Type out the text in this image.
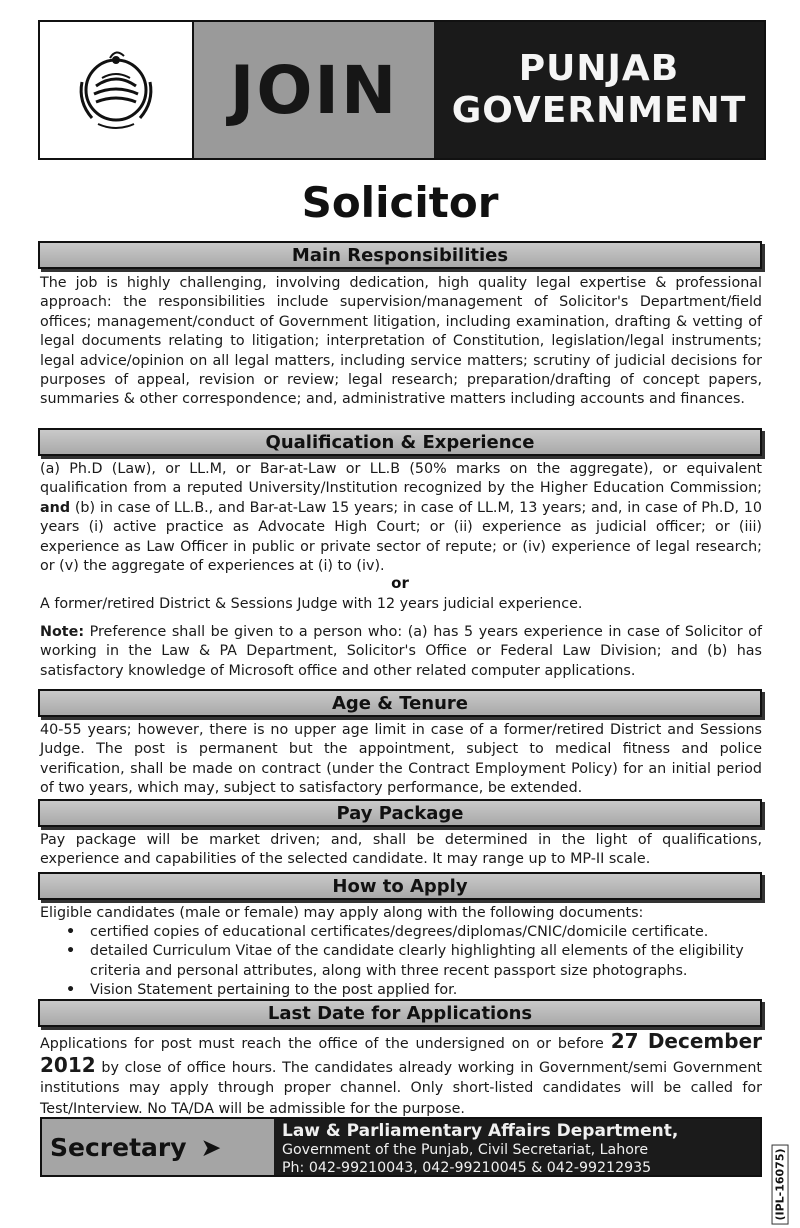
JOIN	PUNJAB
GOVERNMENT
Solicitor
Main Responsibilities
The job is highly challenging, involving dedication, high quality legal expertise & professional approach: the responsibilities include supervision/management of Solicitor's Department/field offices; management/conduct of Government litigation, including examination, drafting & vetting of legal documents relating to litigation; interpretation of Constitution, legislation/legal instruments; legal advice/opinion on all legal matters, including service matters; scrutiny of judicial decisions for purposes of appeal, revision or review; legal research; preparation/drafting of concept papers, summaries & other correspondence; and, administrative matters including accounts and finances.
Qualification & Experience
(a) Ph.D (Law), or LL.M, or Bar-at-Law or LL.B (50% marks on the aggregate), or equivalent qualification from a reputed University/Institution recognized by the Higher Education Commission; and (b) in case of LL.B., and Bar-at-Law 15 years; in case of LL.M, 13 years; and, in case of Ph.D, 10 years (i) active practice as Advocate High Court; or (ii) experience as judicial officer; or (iii) experience as Law Officer in public or private sector of repute; or (iv) experience of legal research; or (v) the aggregate of experiences at (i) to (iv).
or
A former/retired District & Sessions Judge with 12 years judicial experience.
Note: Preference shall be given to a person who: (a) has 5 years experience in case of Solicitor of working in the Law & PA Department, Solicitor's Office or Federal Law Division; and (b) has satisfactory knowledge of Microsoft office and other related computer applications.
Age & Tenure
40-55 years; however, there is no upper age limit in case of a former/retired District and Sessions Judge. The post is permanent but the appointment, subject to medical fitness and police verification, shall be made on contract (under the Contract Employment Policy) for an initial period of two years, which may, subject to satisfactory performance, be extended.
Pay Package
Pay package will be market driven; and, shall be determined in the light of qualifications, experience and capabilities of the selected candidate. It may range up to MP-II scale.
How to Apply
Eligible candidates (male or female) may apply along with the following documents:
• certified copies of educational certificates/degrees/diplomas/CNIC/domicile certificate.
• detailed Curriculum Vitae of the candidate clearly highlighting all elements of the eligibility criteria and personal attributes, along with three recent passport size photographs.
• Vision Statement pertaining to the post applied for.
Last Date for Applications
Applications for post must reach the office of the undersigned on or before 27 December 2012 by close of office hours. The candidates already working in Government/semi Government institutions may apply through proper channel. Only short-listed candidates will be called for Test/Interview. No TA/DA will be admissible for the purpose.
Secretary ➤
Law & Parliamentary Affairs Department,
Government of the Punjab, Civil Secretariat, Lahore
Ph: 042-99210043, 042-99210045 & 042-99212935	(IPL-16075)
